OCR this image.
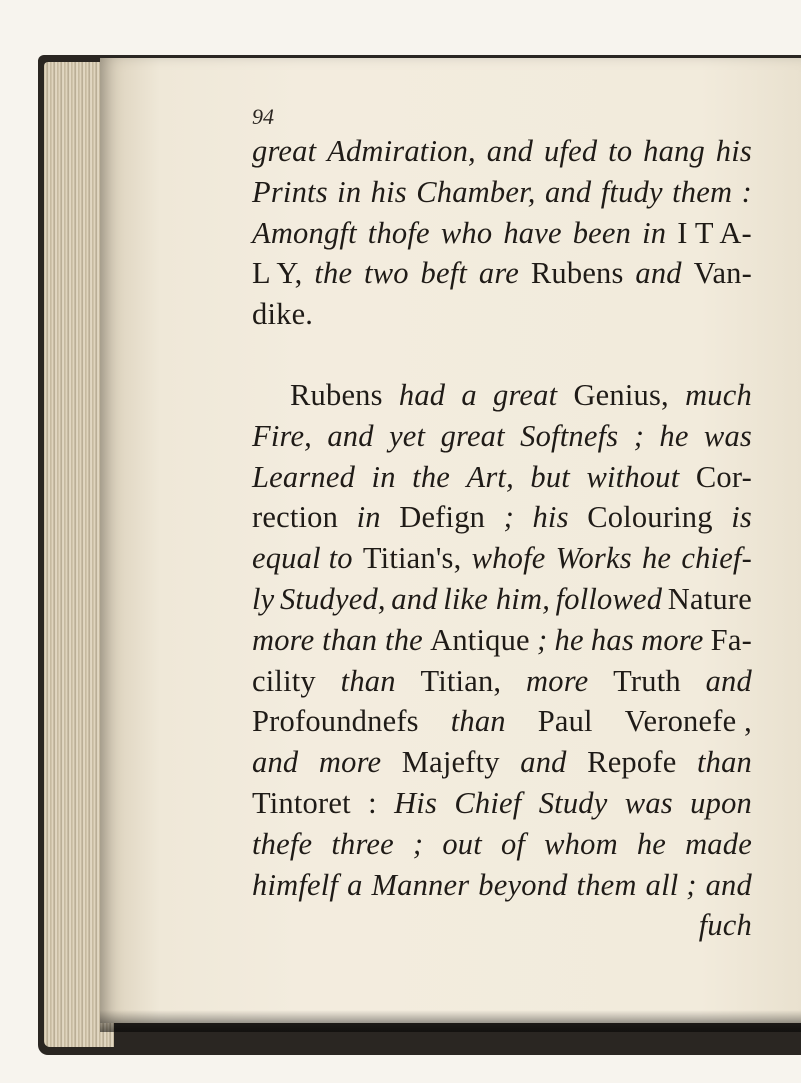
94
great Admiration, and ufed to hang his
Prints in his Chamber, and ftudy them :
Amongft thofe who have been in I T A-
L Y, the two beft are Rubens and Van-
dike.
Rubens had a great Genius, much
Fire, and yet great Softnefs ; he was
Learned in the Art, but without Cor-
rection in Defign ; his Colouring is
equal to Titian's, whofe Works he chief-
ly Studyed, and like him, followed Nature
more than the Antique ; he has more Fa-
cility than Titian, more Truth and
Profoundnefs than Paul Veronefe ,
and more Majefty and Repofe than
Tintoret : His Chief Study was upon
thefe three ; out of whom he made
himfelf a Manner beyond them all ; and
fuch
